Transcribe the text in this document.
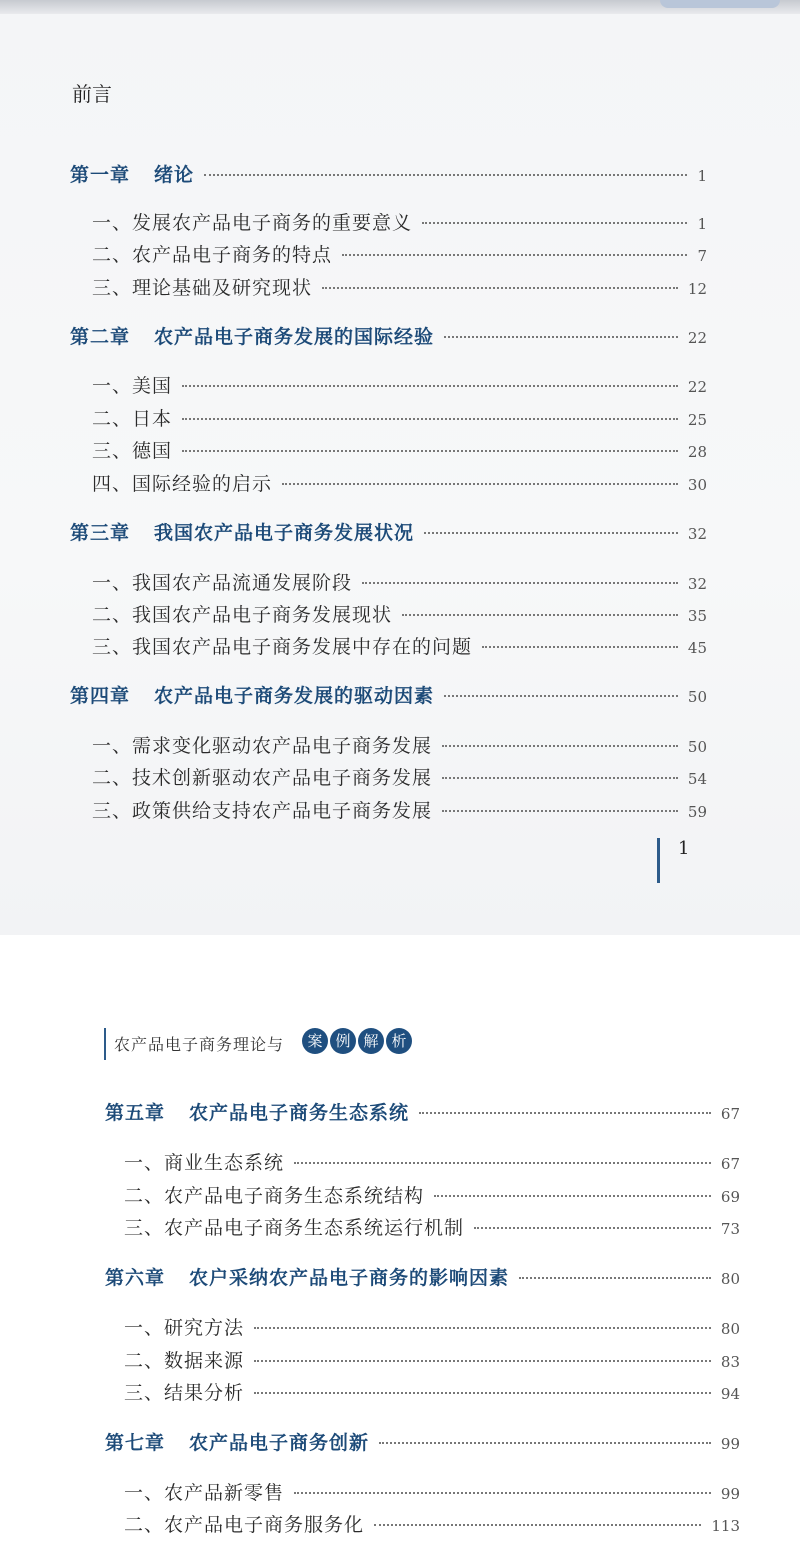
前言
第一章 绪论	1
一、发展农产品电子商务的重要意义	1
二、农产品电子商务的特点	7
三、理论基础及研究现状	12
第二章 农产品电子商务发展的国际经验	22
一、美国	22
二、日本	25
三、德国	28
四、国际经验的启示	30
第三章 我国农产品电子商务发展状况	32
一、我国农产品流通发展阶段	32
二、我国农产品电子商务发展现状	35
三、我国农产品电子商务发展中存在的问题	45
第四章 农产品电子商务发展的驱动因素	50
一、需求变化驱动农产品电子商务发展	50
二、技术创新驱动农产品电子商务发展	54
三、政策供给支持农产品电子商务发展	59
1
农产品电子商务理论与	案 例 解 析
第五章 农产品电子商务生态系统	67
一、商业生态系统	67
二、农产品电子商务生态系统结构	69
三、农产品电子商务生态系统运行机制	73
第六章 农户采纳农产品电子商务的影响因素	80
一、研究方法	80
二、数据来源	83
三、结果分析	94
第七章 农产品电子商务创新	99
一、农产品新零售	99
二、农产品电子商务服务化	113
